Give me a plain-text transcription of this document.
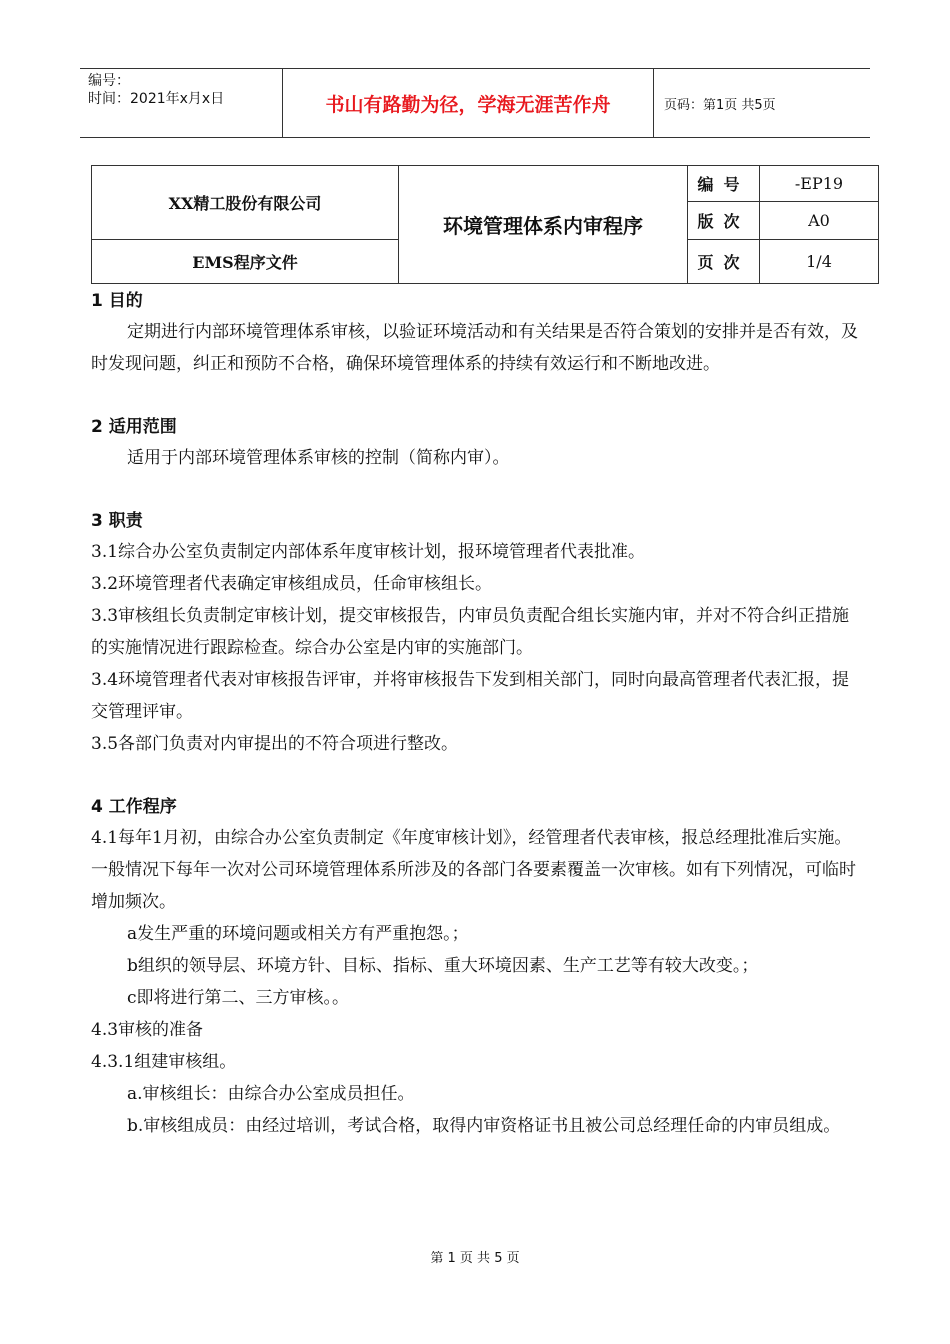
编号：
时间：2021年x月x日	书山有路勤为径，学海无涯苦作舟	页码：第1页 共5页
XX精工股份有限公司	环境管理体系内审程序	编号	-EP19
		版次	A0
EMS程序文件		页次	1/4
1 目的

定期进行内部环境管理体系审核，以验证环境活动和有关结果是否符合策划的安排并是否有效，及时发现问题，纠正和预防不合格，确保环境管理体系的持续有效运行和不断地改进。

2 适用范围

适用于内部环境管理体系审核的控制（简称内审）。

3 职责

3.1综合办公室负责制定内部体系年度审核计划，报环境管理者代表批准。

3.2环境管理者代表确定审核组成员，任命审核组长。

3.3审核组长负责制定审核计划，提交审核报告，内审员负责配合组长实施内审，并对不符合纠正措施的实施情况进行跟踪检查。综合办公室是内审的实施部门。

3.4环境管理者代表对审核报告评审，并将审核报告下发到相关部门，同时向最高管理者代表汇报，提交管理评审。

3.5各部门负责对内审提出的不符合项进行整改。

4 工作程序

4.1每年1月初，由综合办公室负责制定《年度审核计划》，经管理者代表审核，报总经理批准后实施。一般情况下每年一次对公司环境管理体系所涉及的各部门各要素覆盖一次审核。如有下列情况，可临时增加频次。

a发生严重的环境问题或相关方有严重抱怨。；

b组织的领导层、环境方针、目标、指标、重大环境因素、生产工艺等有较大改变。；

c即将进行第二、三方审核。。

4.3审核的准备

4.3.1组建审核组。

a.审核组长：由综合办公室成员担任。

b.审核组成员：由经过培训，考试合格，取得内审资格证书且被公司总经理任命的内审员组成。

第 1 页 共 5 页
